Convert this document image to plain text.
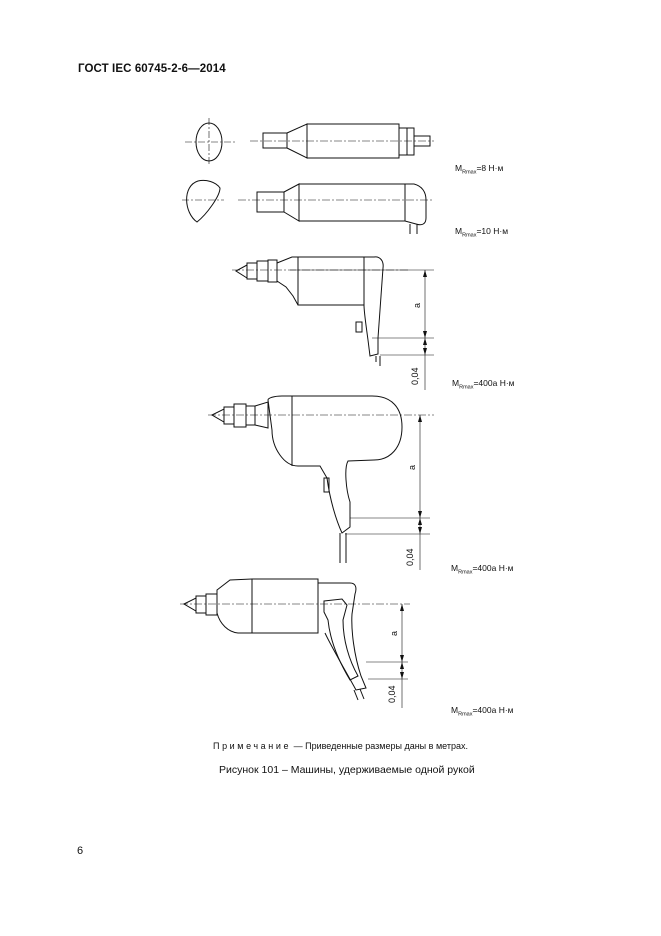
ГОСТ IEC 60745-2-6—2014
a
0,04
a
0,04
a
0,04
$M_{Rmax}=8$ Н·м
$M_{Rmax}=10$ Н·м
$M_{Rmax}=400a$ Н·м
$M_{Rmax}=400a$ Н·м
$M_{Rmax}=400a$ Н·м
Примечание — Приведенные размеры даны в метрах.
Рисунок 101 – Машины, удерживаемые одной рукой
6
